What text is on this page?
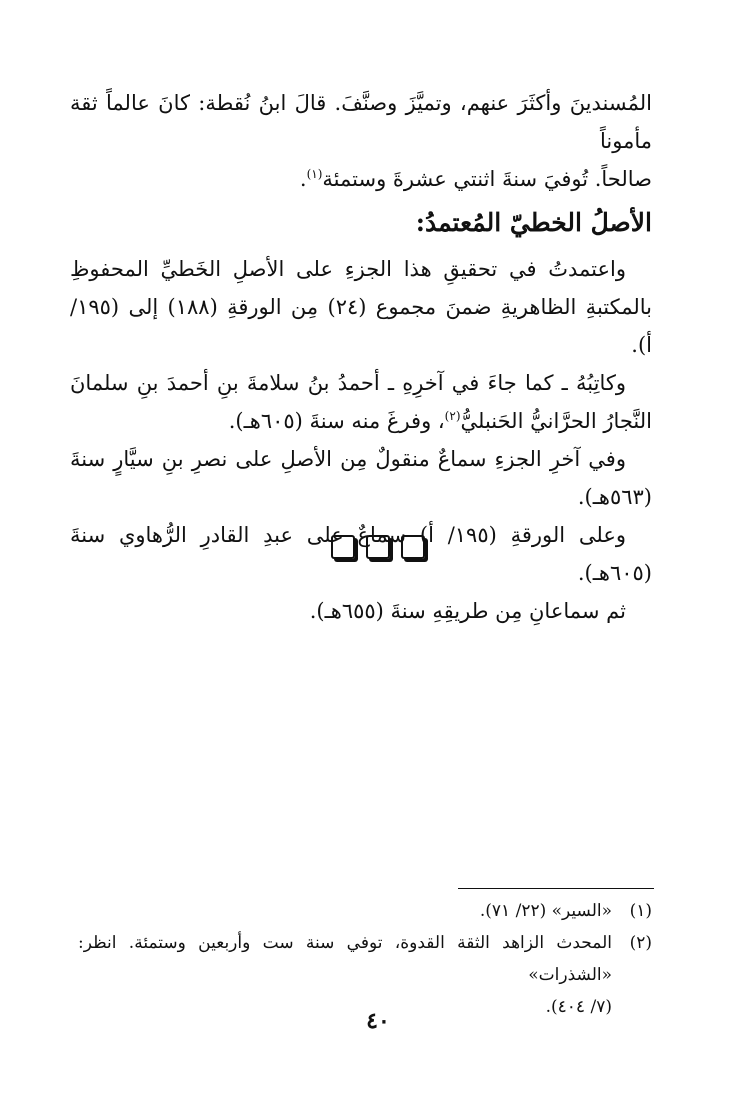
المُسندينَ وأكثَرَ عنهم، وتميَّزَ وصنَّفَ. قالَ ابنُ نُقطة: كانَ عالماً ثقة مأموناً
صالحاً. تُوفيَ سنةَ اثنتي عشرةَ وستمئة$^{(١)}$.

الأصلُ الخطيّ المُعتمدُ:

واعتمدتُ في تحقيقِ هذا الجزءِ على الأصلِ الخَطيِّ المحفوظِ بالمكتبةِ الظاهريةِ ضمنَ مجموع (٢٤) مِن الورقةِ (١٨٨) إلى (١٩٥/ أ).

وكاتِبُهُ ـ كما جاءَ في آخرِهِ ـ أحمدُ بنُ سلامةَ بنِ أحمدَ بنِ سلمانَ النَّجارُ الحرَّانيُّ الحَنبليُّ$^{(٢)}$، وفرغَ منه سنةَ (٦٠٥هـ).

وفي آخرِ الجزءِ سماعٌ منقولٌ مِن الأصلِ على نصرِ بنِ سيَّارٍ سنةَ (٥٦٣هـ).

وعلى الورقةِ (١٩٥/ أ) سماعٌ على عبدِ القادرِ الرُّهاوي سنةَ (٦٠٥هـ).

ثم سماعانِ مِن طريقِهِ سنةَ (٦٥٥هـ).

(١)
«السير» (٢٢/ ٧١).
(٢)
المحدث الزاهد الثقة القدوة، توفي سنة ست وأربعين وستمئة. انظر: «الشذرات»
(٧/ ٤٠٤).
٤٠
